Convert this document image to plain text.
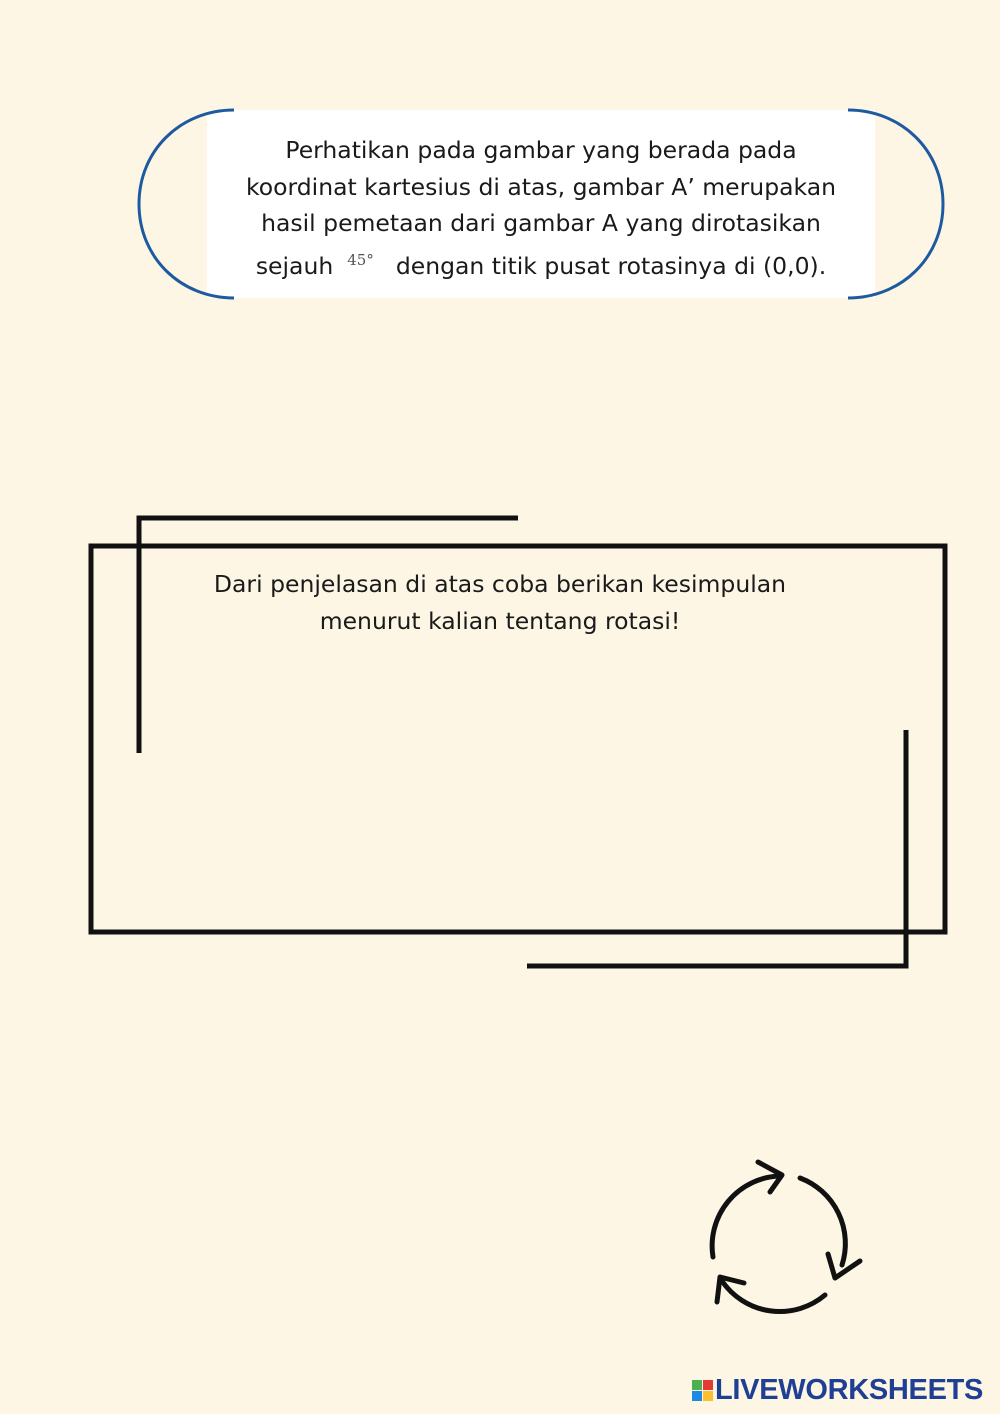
Perhatikan pada gambar yang berada pada

koordinat kartesius di atas, gambar A’ merupakan

hasil pemetaan dari gambar A yang dirotasikan

sejauh 45° dengan titik pusat rotasinya di (0,0).

Dari penjelasan di atas coba berikan kesimpulan

menurut kalian tentang rotasi!

LIVEWORKSHEETS
